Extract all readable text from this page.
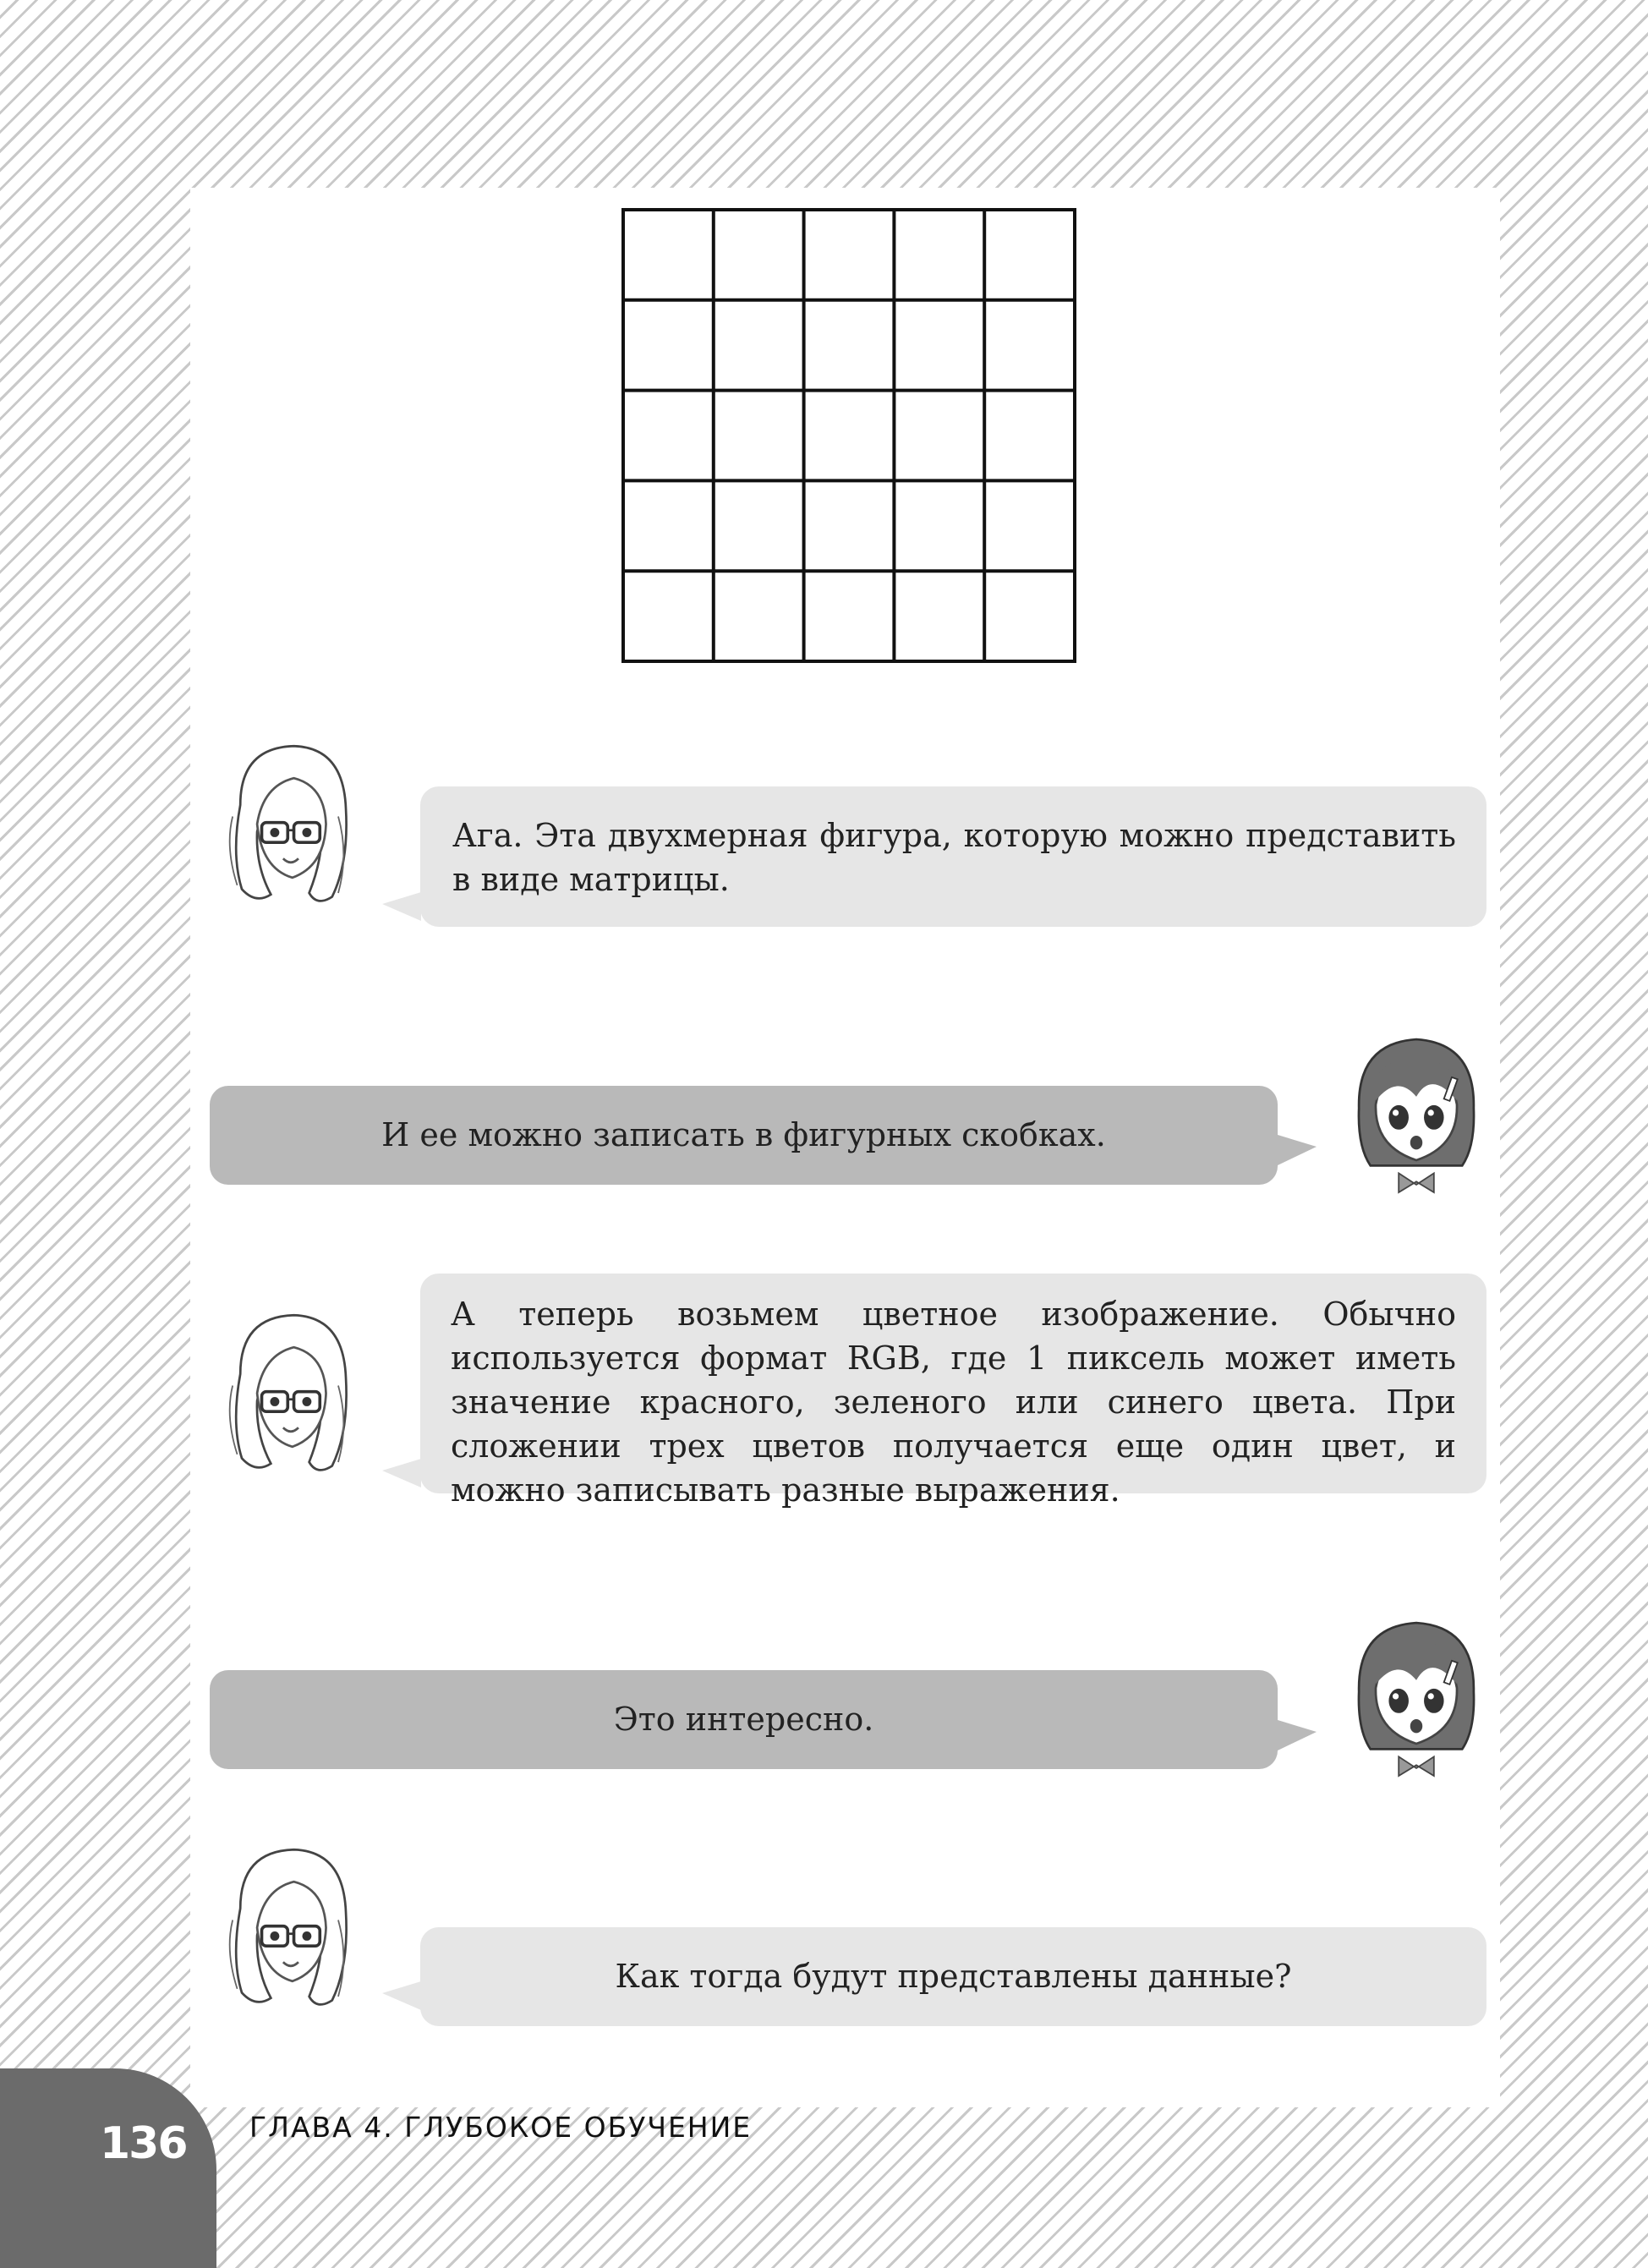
Ага. Эта двухмерная фигура, которую можно представить в виде матрицы.
И ее можно записать в фигурных скобках.
А теперь возьмем цветное изображение. Обычно используется формат RGB, где 1 пиксель может иметь значение красного, зеленого или синего цвета. При сложении трех цветов получается еще один цвет, и можно записывать разные выражения.
Это интересно.
Как тогда будут представлены данные?
136 ГЛАВА 4. ГЛУБОКОЕ ОБУЧЕНИЕ
